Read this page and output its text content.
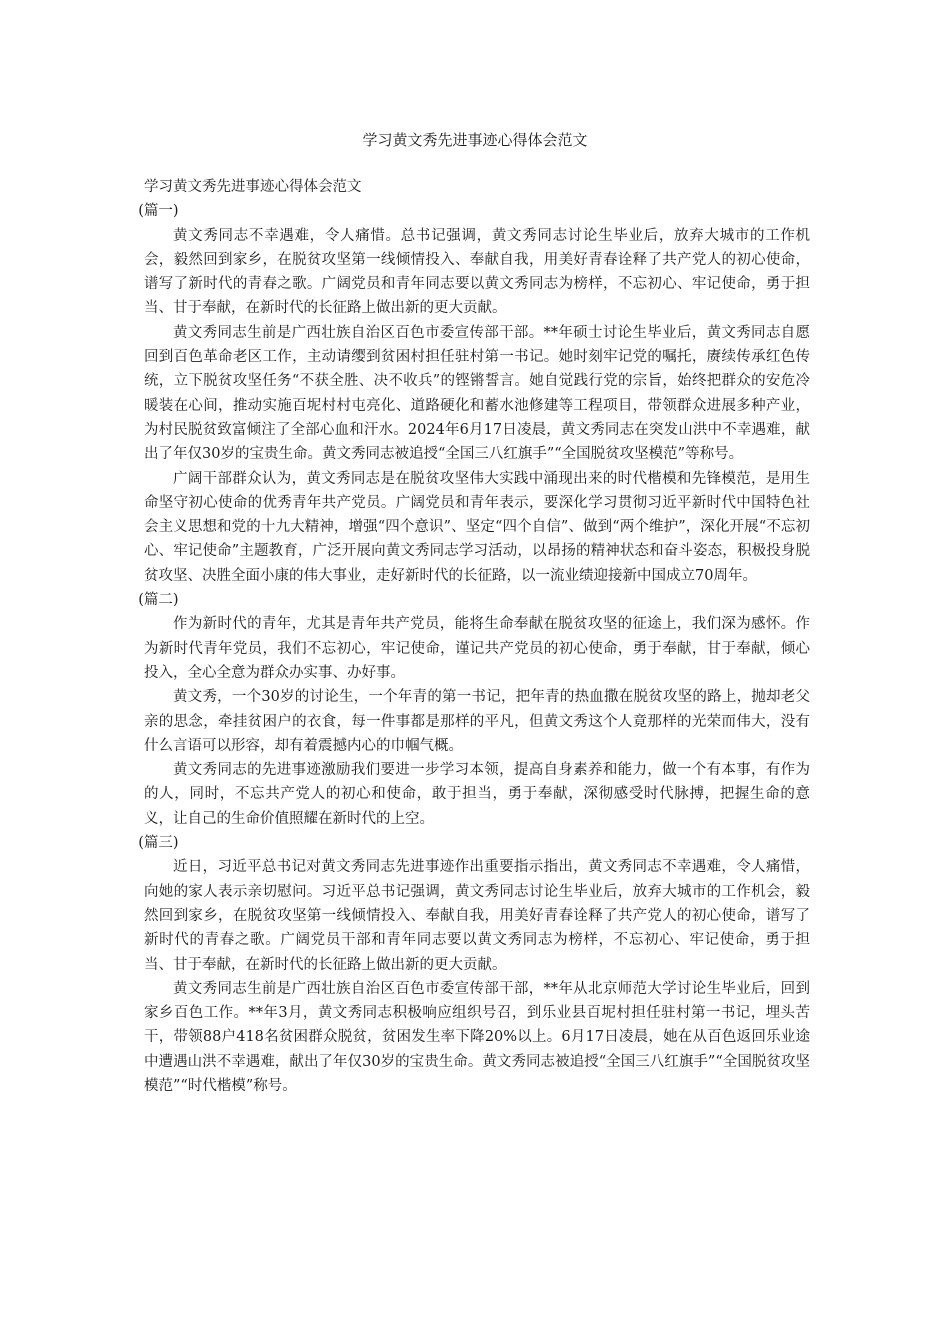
学习黄文秀先进事迹心得体会范文

学习黄文秀先进事迹心得体会范文

(篇一)

黄文秀同志不幸遇难，令人痛惜。总书记强调，黄文秀同志讨论生毕业后，放弃大城市的工作机会，毅然回到家乡，在脱贫攻坚第一线倾情投入、奉献自我，用美好青春诠释了共产党人的初心使命，谱写了新时代的青春之歌。广阔党员和青年同志要以黄文秀同志为榜样，不忘初心、牢记使命，勇于担当、甘于奉献，在新时代的长征路上做出新的更大贡献。

黄文秀同志生前是广西壮族自治区百色市委宣传部干部。**年硕士讨论生毕业后，黄文秀同志自愿回到百色革命老区工作，主动请缨到贫困村担任驻村第一书记。她时刻牢记党的嘱托，赓续传承红色传统，立下脱贫攻坚任务“不获全胜、决不收兵”的铿锵誓言。她自觉践行党的宗旨，始终把群众的安危冷暖装在心间，推动实施百坭村村屯亮化、道路硬化和蓄水池修建等工程项目，带领群众进展多种产业，为村民脱贫致富倾注了全部心血和汗水。2024年6月17日凌晨，黄文秀同志在突发山洪中不幸遇难，献出了年仅30岁的宝贵生命。黄文秀同志被追授“全国三八红旗手”“全国脱贫攻坚模范”等称号。

广阔干部群众认为，黄文秀同志是在脱贫攻坚伟大实践中涌现出来的时代楷模和先锋模范，是用生命坚守初心使命的优秀青年共产党员。广阔党员和青年表示，要深化学习贯彻习近平新时代中国特色社会主义思想和党的十九大精神，增强“四个意识”、坚定“四个自信”、做到“两个维护”，深化开展“不忘初心、牢记使命”主题教育，广泛开展向黄文秀同志学习活动，以昂扬的精神状态和奋斗姿态，积极投身脱贫攻坚、决胜全面小康的伟大事业，走好新时代的长征路，以一流业绩迎接新中国成立70周年。

(篇二)

作为新时代的青年，尤其是青年共产党员，能将生命奉献在脱贫攻坚的征途上，我们深为感怀。作为新时代青年党员，我们不忘初心，牢记使命，谨记共产党员的初心使命，勇于奉献，甘于奉献，倾心投入，全心全意为群众办实事、办好事。

黄文秀，一个30岁的讨论生，一个年青的第一书记，把年青的热血撒在脱贫攻坚的路上，抛却老父亲的思念，牵挂贫困户的衣食，每一件事都是那样的平凡，但黄文秀这个人竟那样的光荣而伟大，没有什么言语可以形容，却有着震撼内心的巾帼气概。

黄文秀同志的先进事迹激励我们要进一步学习本领，提高自身素养和能力，做一个有本事，有作为的人，同时，不忘共产党人的初心和使命，敢于担当，勇于奉献，深彻感受时代脉搏，把握生命的意义，让自己的生命价值照耀在新时代的上空。

(篇三)

近日，习近平总书记对黄文秀同志先进事迹作出重要指示指出，黄文秀同志不幸遇难，令人痛惜，向她的家人表示亲切慰问。习近平总书记强调，黄文秀同志讨论生毕业后，放弃大城市的工作机会，毅然回到家乡，在脱贫攻坚第一线倾情投入、奉献自我，用美好青春诠释了共产党人的初心使命，谱写了新时代的青春之歌。广阔党员干部和青年同志要以黄文秀同志为榜样，不忘初心、牢记使命，勇于担当、甘于奉献，在新时代的长征路上做出新的更大贡献。

黄文秀同志生前是广西壮族自治区百色市委宣传部干部，**年从北京师范大学讨论生毕业后，回到家乡百色工作。**年3月，黄文秀同志积极响应组织号召，到乐业县百坭村担任驻村第一书记，埋头苦干，带领88户418名贫困群众脱贫，贫困发生率下降20%以上。6月17日凌晨，她在从百色返回乐业途中遭遇山洪不幸遇难，献出了年仅30岁的宝贵生命。黄文秀同志被追授“全国三八红旗手”“全国脱贫攻坚模范”“时代楷模”称号。
